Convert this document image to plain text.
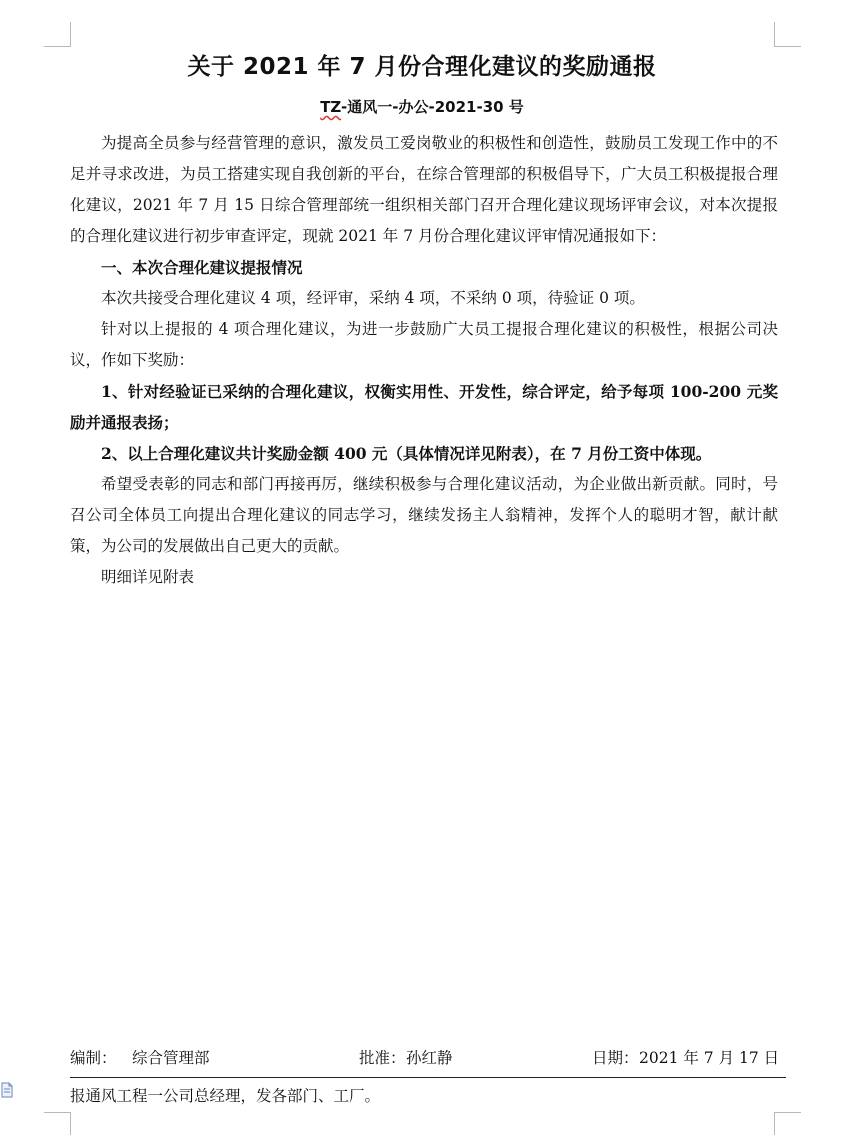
关于 2021 年 7 月份合理化建议的奖励通报
TZ-通风一-办公-2021-30 号

为提高全员参与经营管理的意识，激发员工爱岗敬业的积极性和创造性，鼓励员工发现工作中的不足并寻求改进，为员工搭建实现自我创新的平台，在综合管理部的积极倡导下，广大员工积极提报合理化建议，2021 年 7 月 15 日综合管理部统一组织相关部门召开合理化建议现场评审会议，对本次提报的合理化建议进行初步审查评定，现就 2021 年 7 月份合理化建议评审情况通报如下：

一、本次合理化建议提报情况

本次共接受合理化建议 4 项，经评审，采纳 4 项，不采纳 0 项，待验证 0 项。

针对以上提报的 4 项合理化建议，为进一步鼓励广大员工提报合理化建议的积极性，根据公司决议，作如下奖励：

1、针对经验证已采纳的合理化建议，权衡实用性、开发性，综合评定，给予每项 100-200 元奖励并通报表扬；

2、以上合理化建议共计奖励金额 400 元（具体情况详见附表），在 7 月份工资中体现。

希望受表彰的同志和部门再接再厉，继续积极参与合理化建议活动，为企业做出新贡献。同时，号召公司全体员工向提出合理化建议的同志学习，继续发扬主人翁精神，发挥个人的聪明才智，献计献策，为公司的发展做出自己更大的贡献。

明细详见附表

编制： 综合管理部	批准： 孙红静	日期： 2021 年 7 月 17 日
报通风工程一公司总经理，发各部门、工厂。
